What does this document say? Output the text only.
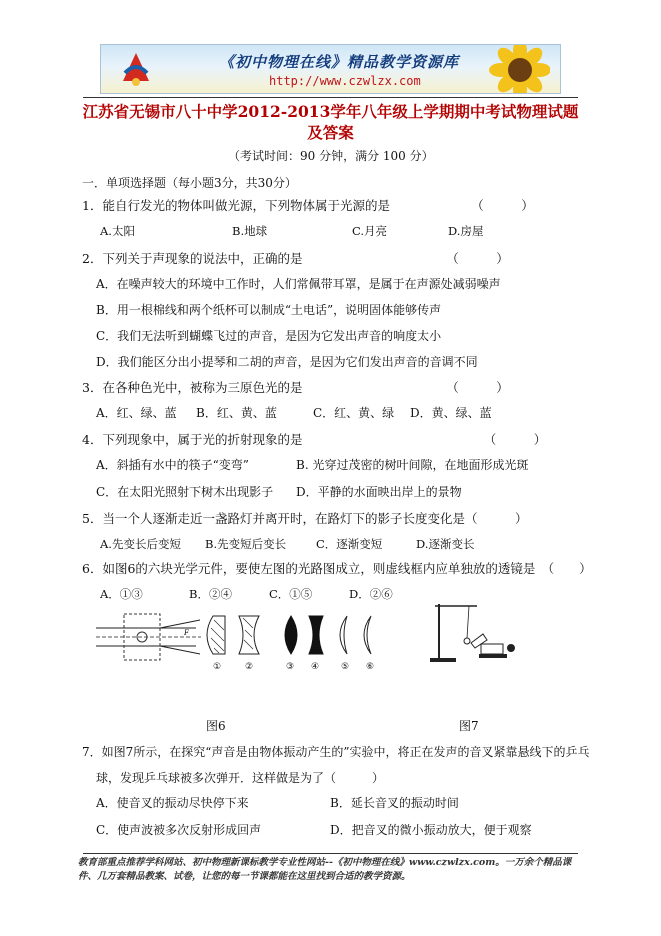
《初中物理在线》精品教学资源库
http://www.czwlzx.com
江苏省无锡市八十中学2012-2013学年八年级上学期期中考试物理试题及答案
（考试时间：90 分钟，满分 100 分）
一．单项选择题（每小题3分，共30分）
1．能自行发光的物体叫做光源，下列物体属于光源的是　　　　　　　（　　　）
A.太阳	B.地球	C.月亮	D.房屋
2．下列关于声现象的说法中，正确的是　　　　　　　　　　　　（　　　）
A．在噪声较大的环境中工作时，人们常佩带耳罩，是属于在声源处减弱噪声
B．用一根棉线和两个纸杯可以制成“土电话”，说明固体能够传声
C．我们无法听到蝴蝶飞过的声音，是因为它发出声音的响度太小
D．我们能区分出小提琴和二胡的声音，是因为它们发出声音的音调不同
3．在各种色光中，被称为三原色光的是　　　　　　　　　　　　（　　　）
A．红、绿、蓝 B．红、黄、蓝	C．红、黄、绿 D．黄、绿、蓝
4．下列现象中，属于光的折射现象的是　　　　　　　　　　　　　　　（　　　）
A．斜插有水中的筷子“变弯”	B. 光穿过茂密的树叶间隙，在地面形成光斑
C．在太阳光照射下树木出现影子 D．平静的水面映出岸上的景物
5．当一个人逐渐走近一盏路灯并离开时，在路灯下的影子长度变化是（　　　）
A.先变长后变短 B.先变短后变长	C．逐渐变短	D.逐渐变长
6．如图6的六块光学元件，要使左图的光路图成立，则虚线框内应单独放的透镜是　（　　）
A．①③	B．②④	C．①⑤	D．②⑥
F
①	②	③ ④ ⑤ ⑥
图6	图7
7．如图7所示，在探究“声音是由物体振动产生的”实验中，将正在发声的音叉紧靠悬线下的乒乓
球，发现乒乓球被多次弹开．这样做是为了（　　　）
A．使音叉的振动尽快停下来	B．延长音叉的振动时间
C．使声波被多次反射形成回声	D．把音叉的微小振动放大，便于观察
教育部重点推荐学科网站、初中物理新课标教学专业性网站--《初中物理在线》www.czwlzx.com。一万余个精品课件、几万套精品教案、试卷，让您的每一节课都能在这里找到合适的教学资源。
